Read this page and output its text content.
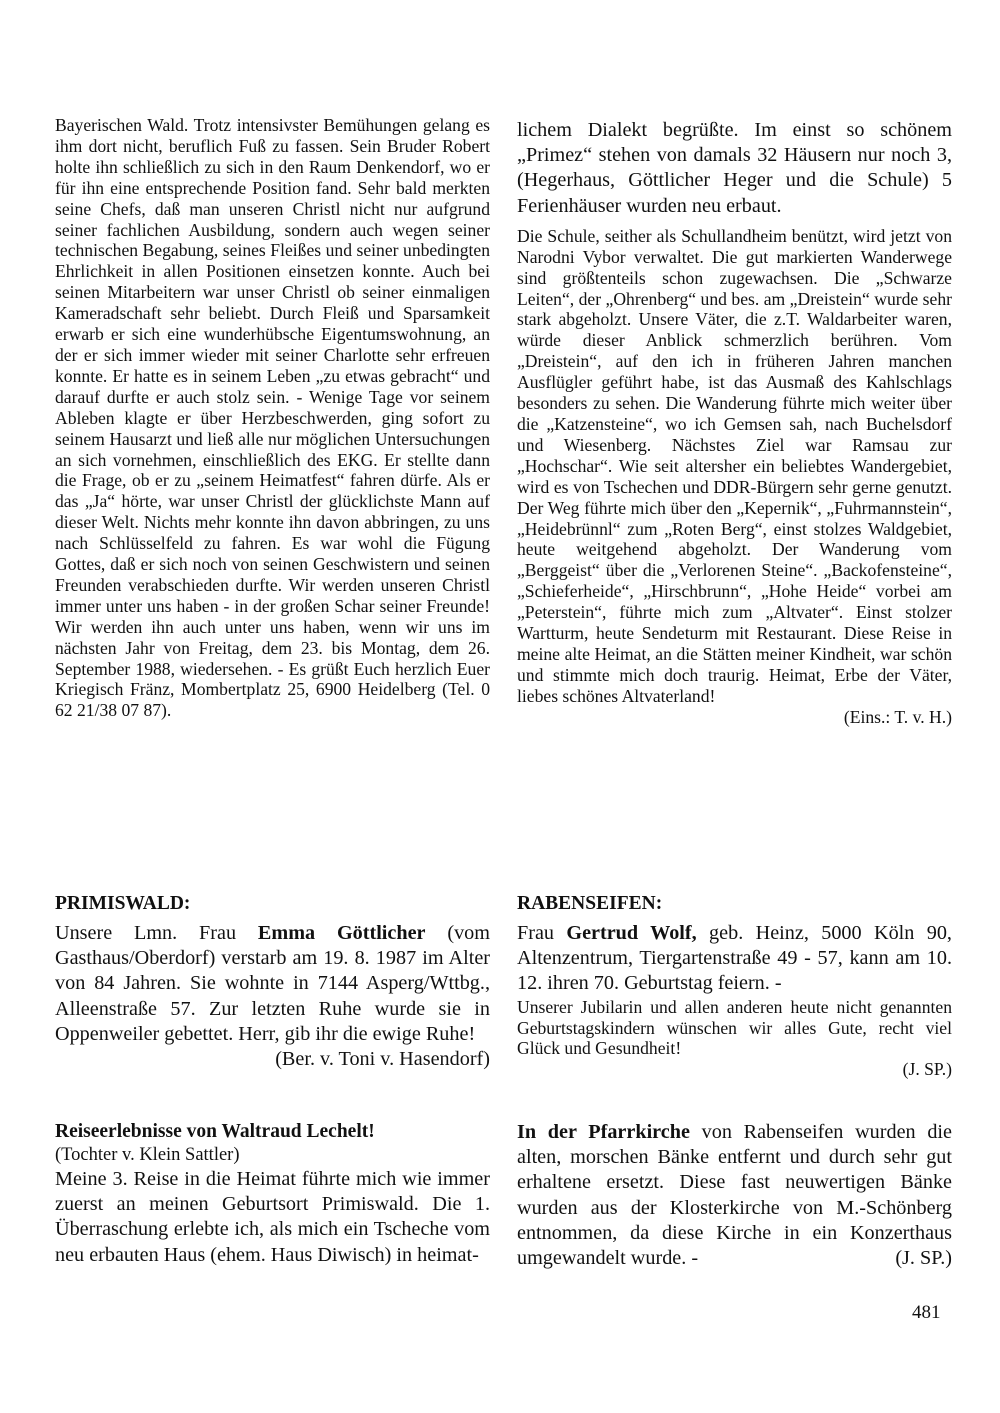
Bayerischen Wald. Trotz intensivster Bemühungen gelang es ihm dort nicht, beruflich Fuß zu fassen. Sein Bruder Robert holte ihn schließlich zu sich in den Raum Denkendorf, wo er für ihn eine entsprechende Position fand. Sehr bald merkten seine Chefs, daß man unseren Christl nicht nur aufgrund seiner fachlichen Ausbildung, sondern auch wegen seiner technischen Begabung, seines Fleißes und seiner unbedingten Ehrlichkeit in allen Positionen einsetzen konnte. Auch bei seinen Mitarbeitern war unser Christl ob seiner einmaligen Kameradschaft sehr beliebt. Durch Fleiß und Sparsamkeit erwarb er sich eine wunderhübsche Eigentumswohnung, an der er sich immer wieder mit seiner Charlotte sehr erfreuen konnte. Er hatte es in seinem Leben „zu etwas gebracht“ und darauf durfte er auch stolz sein. - Wenige Tage vor seinem Ableben klagte er über Herzbeschwerden, ging sofort zu seinem Hausarzt und ließ alle nur möglichen Untersuchungen an sich vornehmen, einschließlich des EKG. Er stellte dann die Frage, ob er zu „seinem Heimatfest“ fahren dürfe. Als er das „Ja“ hörte, war unser Christl der glücklichste Mann auf dieser Welt. Nichts mehr konnte ihn davon abbringen, zu uns nach Schlüsselfeld zu fahren. Es war wohl die Fügung Gottes, daß er sich noch von seinen Geschwistern und seinen Freunden verabschieden durfte. Wir werden unseren Christl immer unter uns haben - in der großen Schar seiner Freunde! Wir werden ihn auch unter uns haben, wenn wir uns im nächsten Jahr von Freitag, dem 23. bis Montag, dem 26. September 1988, wiedersehen. - Es grüßt Euch herzlich Euer Kriegisch Fränz, Mombertplatz 25, 6900 Heidelberg (Tel. 0 62 21/38 07 87).

lichem Dialekt begrüßte. Im einst so schönem „Primez“ stehen von damals 32 Häusern nur noch 3, (Hegerhaus, Göttlicher Heger und die Schule) 5 Ferienhäuser wurden neu erbaut.

Die Schule, seither als Schullandheim benützt, wird jetzt von Narodni Vybor verwaltet. Die gut markierten Wanderwege sind größtenteils schon zugewachsen. Die „Schwarze Leiten“, der „Ohrenberg“ und bes. am „Dreistein“ wurde sehr stark abgeholzt. Unsere Väter, die z.T. Waldarbeiter waren, würde dieser Anblick schmerzlich berühren. Vom „Dreistein“, auf den ich in früheren Jahren manchen Ausflügler geführt habe, ist das Ausmaß des Kahlschlags besonders zu sehen. Die Wanderung führte mich weiter über die „Katzensteine“, wo ich Gemsen sah, nach Buchelsdorf und Wiesenberg. Nächstes Ziel war Ramsau zur „Hochschar“. Wie seit altersher ein beliebtes Wandergebiet, wird es von Tschechen und DDR-Bürgern sehr gerne genutzt. Der Weg führte mich über den „Kepernik“, „Fuhrmannstein“, „Heidebrünnl“ zum „Roten Berg“, einst stolzes Waldgebiet, heute weitgehend abgeholzt. Der Wanderung vom „Berggeist“ über die „Verlorenen Steine“. „Backofensteine“, „Schieferheide“, „Hirschbrunn“, „Hohe Heide“ vorbei am „Peterstein“, führte mich zum „Altvater“. Einst stolzer Wartturm, heute Sendeturm mit Restaurant. Diese Reise in meine alte Heimat, an die Stätten meiner Kindheit, war schön und stimmte mich doch traurig. Heimat, Erbe der Väter, liebes schönes Altvaterland!

(Eins.: T. v. H.)

PRIMISWALD:

Unsere Lmn. Frau Emma Göttlicher (vom Gasthaus/Oberdorf) verstarb am 19. 8. 1987 im Alter von 84 Jahren. Sie wohnte in 7144 Asperg/Wttbg., Alleenstraße 57. Zur letzten Ruhe wurde sie in Oppenweiler gebettet. Herr, gib ihr die ewige Ruhe!

(Ber. v. Toni v. Hasendorf)

RABENSEIFEN:

Frau Gertrud Wolf, geb. Heinz, 5000 Köln 90, Altenzentrum, Tiergartenstraße 49 - 57, kann am 10. 12. ihren 70. Geburtstag feiern. -

Unserer Jubilarin und allen anderen heute nicht genannten Geburtstagskindern wünschen wir alles Gute, recht viel Glück und Gesundheit!

(J. SP.)

Reiseerlebnisse von Waltraud Lechelt!

(Tochter v. Klein Sattler)

Meine 3. Reise in die Heimat führte mich wie immer zuerst an meinen Geburtsort Primiswald. Die 1. Überraschung erlebte ich, als mich ein Tscheche vom neu erbauten Haus (ehem. Haus Diwisch) in heimat-

In der Pfarrkirche von Rabenseifen wurden die alten, morschen Bänke entfernt und durch sehr gut erhaltene ersetzt. Diese fast neuwertigen Bänke wurden aus der Klosterkirche von M.-Schönberg entnommen, da diese Kirche in ein Konzerthaus umgewandelt wurde. -	(J. SP.)

481
